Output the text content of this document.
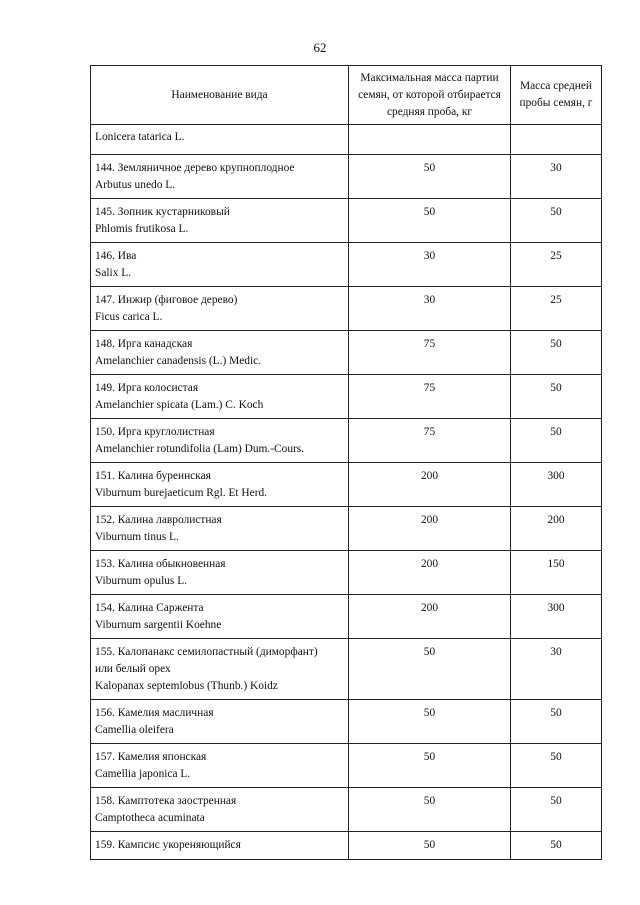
62
Наименование вида	Максимальная масса партии семян, от которой отбирается средняя проба, кг	Масса средней пробы семян, г

Lonicera tatarica L.		

144. Земляничное дерево крупноплодное
Arbutus unedo L.	50	30

145. Зопник кустарниковый
Phlomis frutikosa L.	50	50

146. Ива
Salix L.	30	25

147. Инжир (фиговое дерево)
Ficus carica L.	30	25

148. Ирга канадская
Amelanchier canadensis (L.) Medic.	75	50

149. Ирга колосистая
Amelanchier spicata (Lam.) C. Koch	75	50

150. Ирга круглолистная
Amelanchier rotundifolia (Lam) Dum.-Cours.	75	50

151. Калина буреинская
Viburnum burejaeticum Rgl. Et Herd.	200	300

152. Калина лавролистная
Viburnum tinus L.	200	200

153. Калина обыкновенная
Viburnum opulus L.	200	150

154. Калина Саржента
Viburnum sargentii Koehne	200	300

155. Калопанакс семилопастный (диморфант)
или белый орех
Kalopanax septemlobus (Thunb.) Koidz	50	30

156. Камелия масличная
Camellia oleifera	50	50

157. Камелия японская
Camellia japonica L.	50	50

158. Камптотека заостренная
Camptotheca acuminata	50	50

159. Кампсис укореняющийся	50	50
